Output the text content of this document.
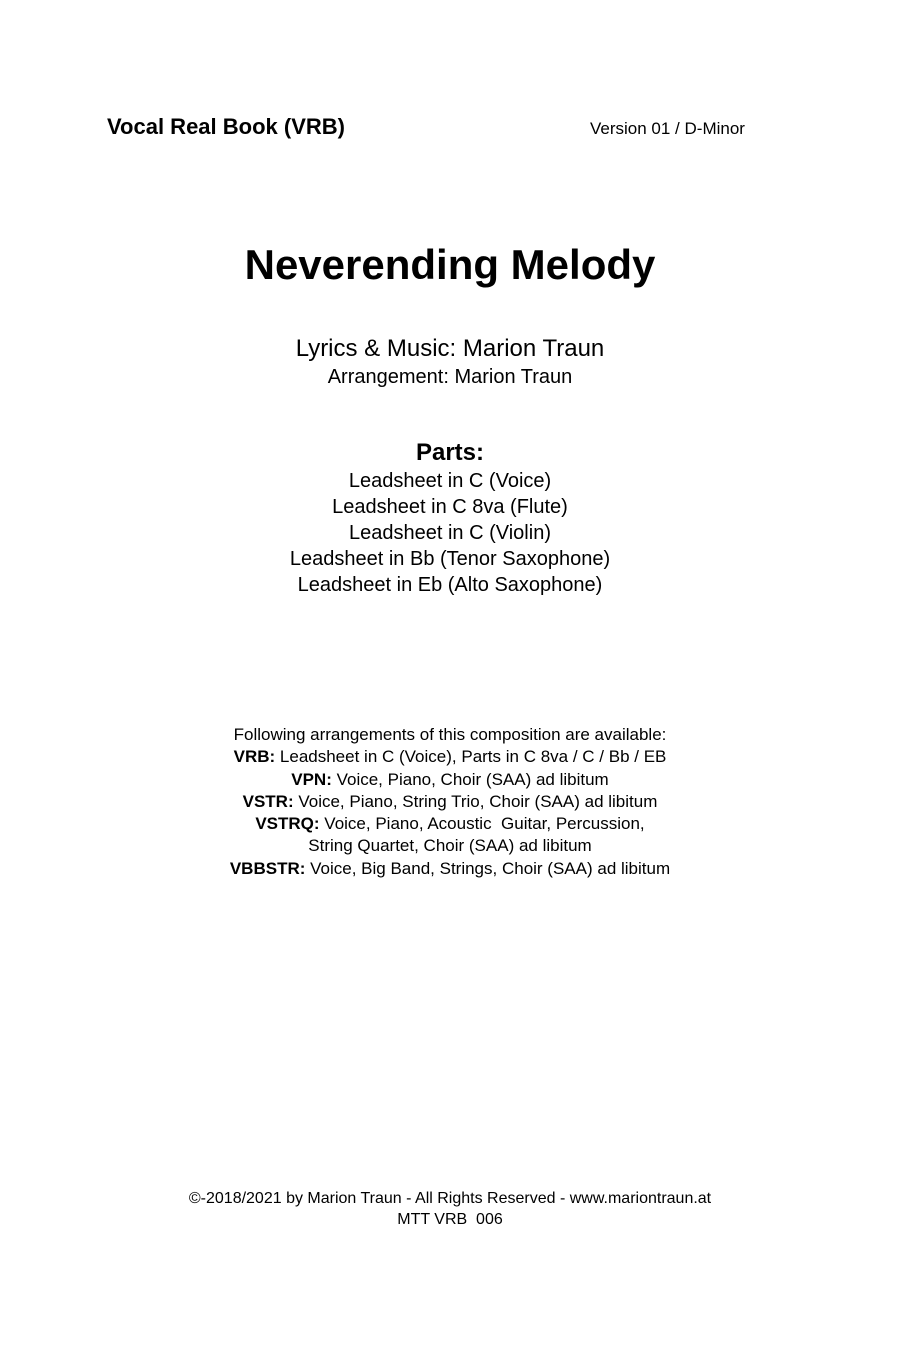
Vocal Real Book (VRB)	Version 01 / D-Minor
Neverending Melody
Lyrics & Music: Marion Traun
Arrangement: Marion Traun
Parts:
Leadsheet in C (Voice)
Leadsheet in C 8va (Flute)
Leadsheet in C (Violin)
Leadsheet in Bb (Tenor Saxophone)
Leadsheet in Eb (Alto Saxophone)
Following arrangements of this composition are available:
VRB: Leadsheet in C (Voice), Parts in C 8va / C / Bb / EB
VPN: Voice, Piano, Choir (SAA) ad libitum
VSTR: Voice, Piano, String Trio, Choir (SAA) ad libitum
VSTRQ: Voice, Piano, Acoustic  Guitar, Percussion,
String Quartet, Choir (SAA) ad libitum
VBBSTR: Voice, Big Band, Strings, Choir (SAA) ad libitum
©-2018/2021 by Marion Traun - All Rights Reserved - www.mariontraun.at
MTT VRB  006
